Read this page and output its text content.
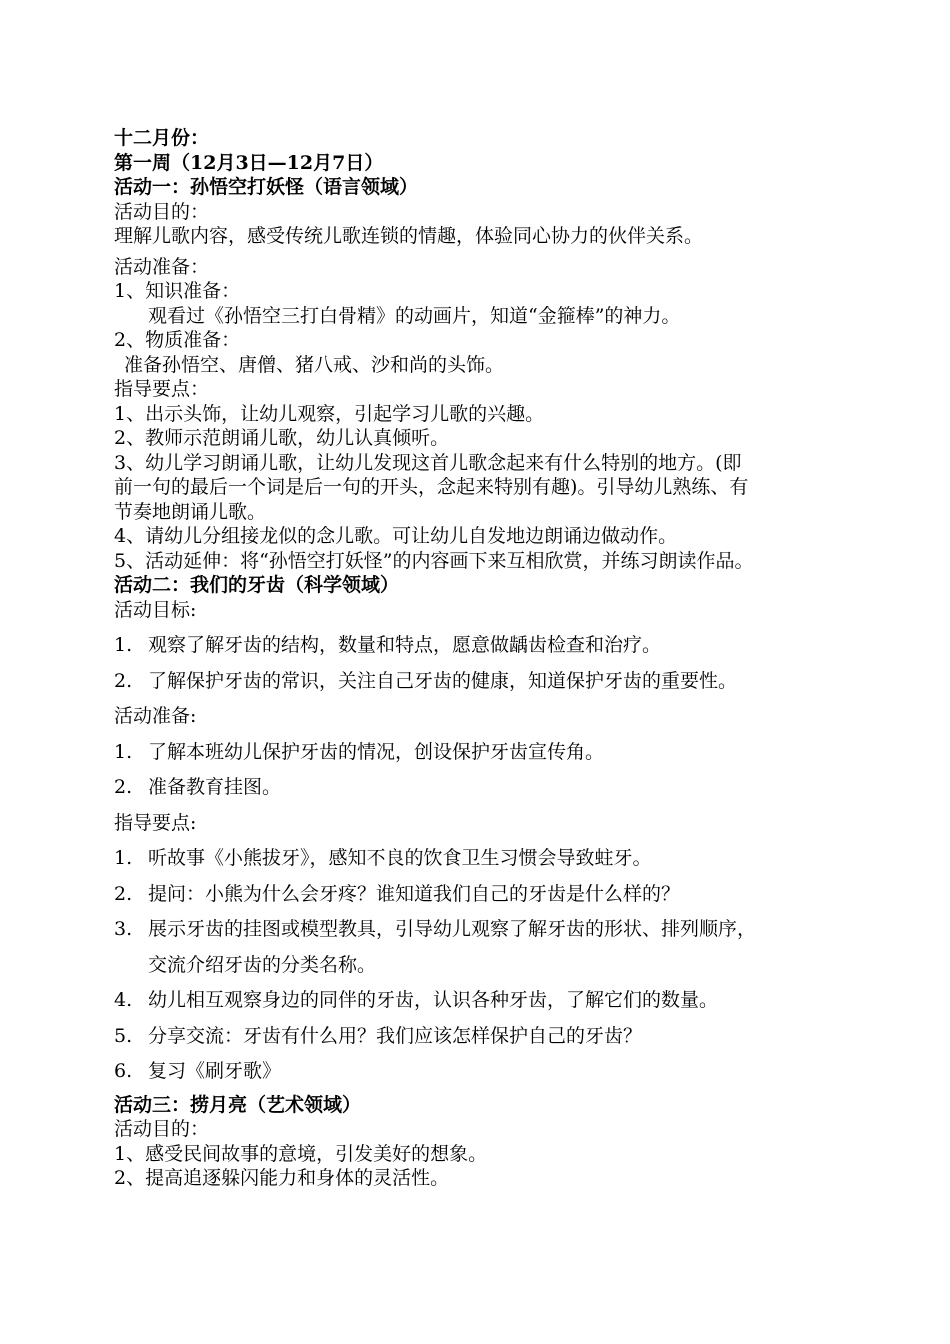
十二月份：
第一周（12月3日—12月7日）
活动一：孙悟空打妖怪（语言领域）
活动目的：
理解儿歌内容，感受传统儿歌连锁的情趣，体验同心协力的伙伴关系。
活动准备：
1、知识准备：
观看过《孙悟空三打白骨精》的动画片，知道“金箍棒”的神力。
2、物质准备：
准备孙悟空、唐僧、猪八戒、沙和尚的头饰。
指导要点：
1、出示头饰，让幼儿观察，引起学习儿歌的兴趣。
2、教师示范朗诵儿歌，幼儿认真倾听。
3、幼儿学习朗诵儿歌，让幼儿发现这首儿歌念起来有什么特别的地方。(即
前一句的最后一个词是后一句的开头，念起来特别有趣)。引导幼儿熟练、有
节奏地朗诵儿歌。
4、请幼儿分组接龙似的念儿歌。可让幼儿自发地边朗诵边做动作。
5、活动延伸：将“孙悟空打妖怪”的内容画下来互相欣赏，并练习朗读作品。
活动二：我们的牙齿（科学领域）
活动目标:
1. 观察了解牙齿的结构，数量和特点，愿意做龋齿检查和治疗。
2. 了解保护牙齿的常识，关注自己牙齿的健康，知道保护牙齿的重要性。
活动准备:
1. 了解本班幼儿保护牙齿的情况，创设保护牙齿宣传角。
2. 准备教育挂图。
指导要点:
1. 听故事《小熊拔牙》，感知不良的饮食卫生习惯会导致蛀牙。
2. 提问：小熊为什么会牙疼？谁知道我们自己的牙齿是什么样的？
3. 展示牙齿的挂图或模型教具，引导幼儿观察了解牙齿的形状、排列顺序，
交流介绍牙齿的分类名称。
4. 幼儿相互观察身边的同伴的牙齿，认识各种牙齿，了解它们的数量。
5. 分享交流：牙齿有什么用？我们应该怎样保护自己的牙齿？
6. 复习《刷牙歌》
活动三：捞月亮（艺术领域）
活动目的：
1、感受民间故事的意境，引发美好的想象。
2、提高追逐躲闪能力和身体的灵活性。
